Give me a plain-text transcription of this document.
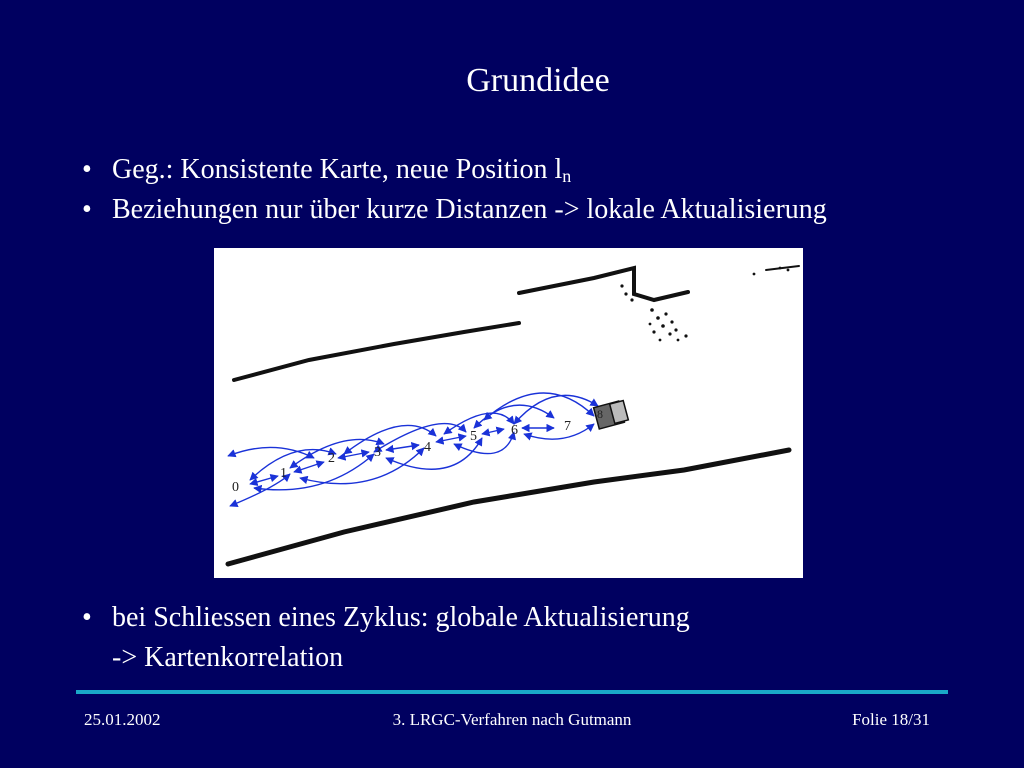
Grundidee
• Geg.: Konsistente Karte, neue Position $l_n$
• Beziehungen nur über kurze Distanzen -> lokale Aktualisierung
0
1
2	3	4
5 6	7
8
• bei Schliessen eines Zyklus: globale Aktualisierung
-> Kartenkorrelation
25.01.2002	3. LRGC-Verfahren nach Gutmann	Folie 18/31
